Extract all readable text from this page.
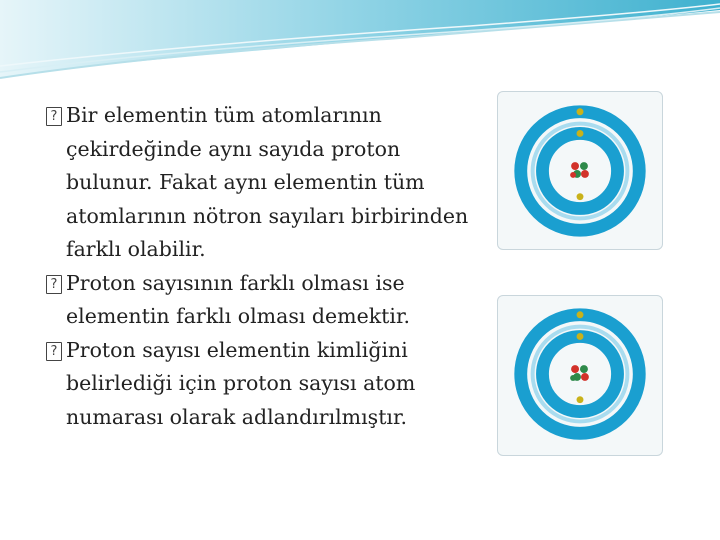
? Bir elementin tüm atomlarının çekirdeğinde aynı sayıda proton bulunur. Fakat aynı elementin tüm atomlarının nötron sayıları birbirinden farklı olabilir.
? Proton sayısının farklı olması ise elementin farklı olması demektir.
? Proton sayısı elementin kimliğini belirlediği için proton sayısı atom numarası olarak adlandırılmıştır.
